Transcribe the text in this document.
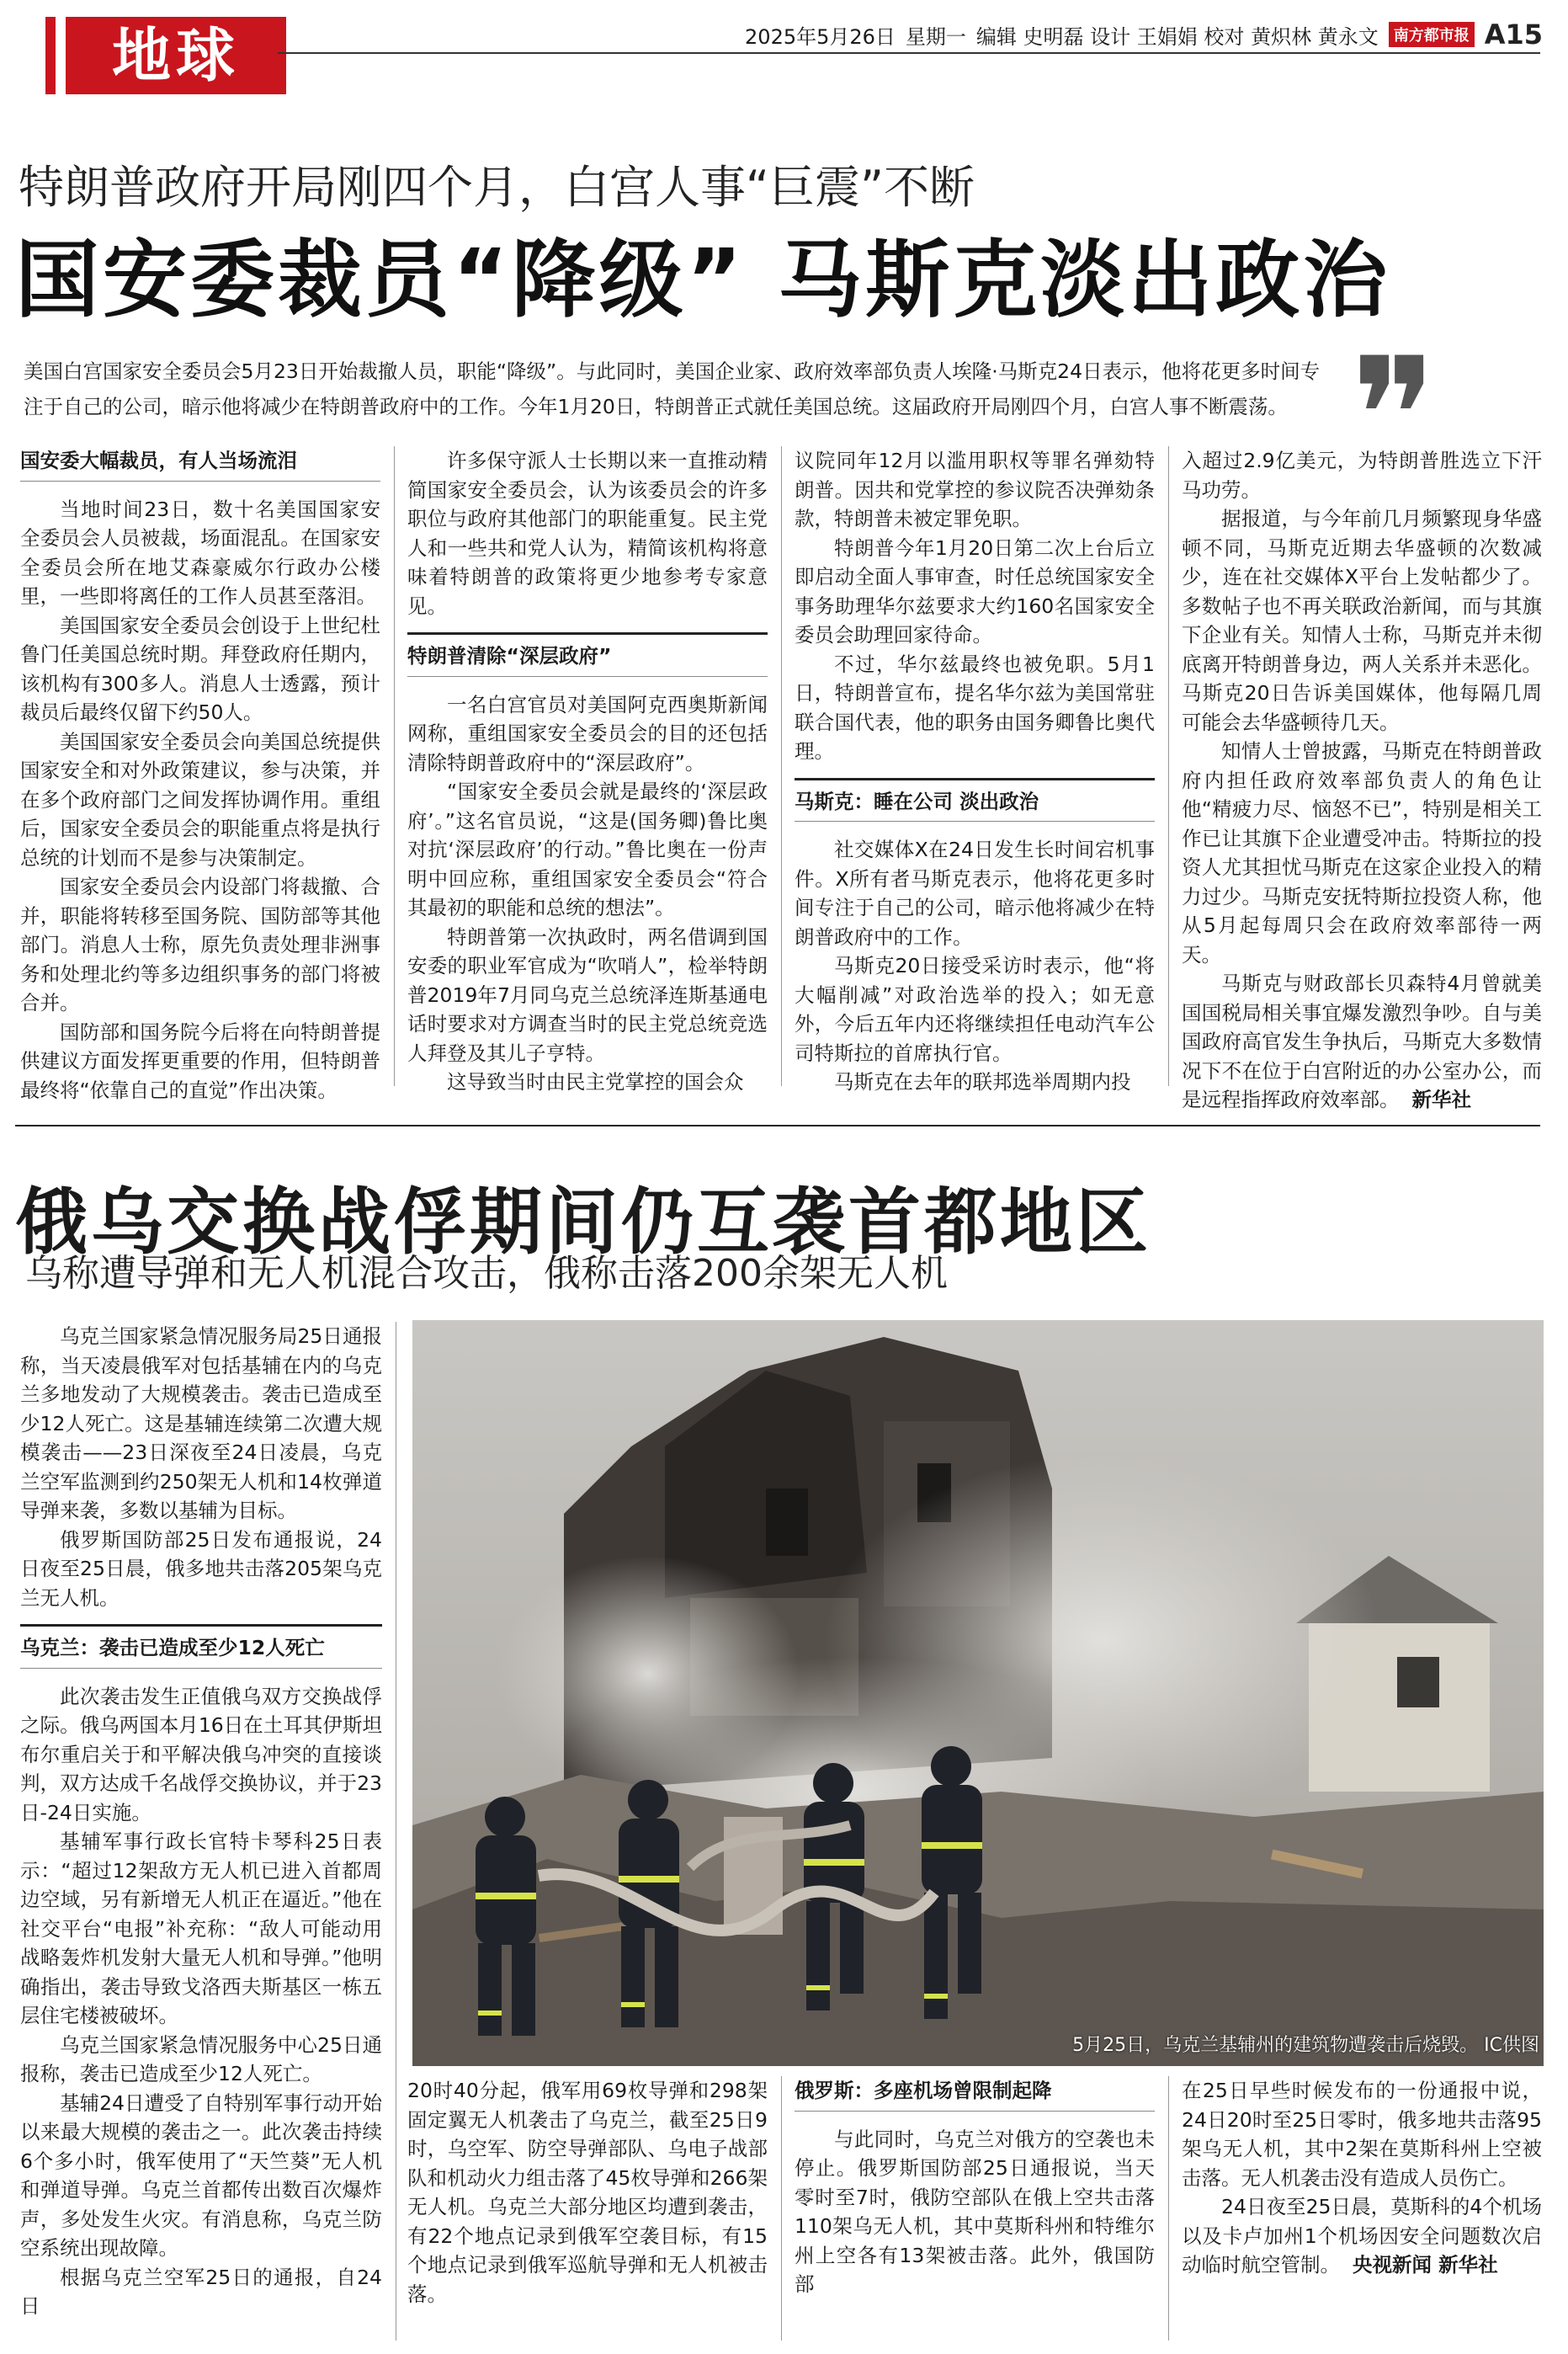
地球	2025年5月26日 星期一 编辑 史明磊 设计 王娟娟 校对 黄炽林 黄永文	南方都市报 A15
特朗普政府开局刚四个月，白宫人事“巨震”不断
国安委裁员“降级” 马斯克淡出政治
美国白宫国家安全委员会5月23日开始裁撤人员，职能“降级”。与此同时，美国企业家、政府效率部负责人埃隆·马斯克24日表示，他将花更多时间专注于自己的公司，暗示他将减少在特朗普政府中的工作。今年1月20日，特朗普正式就任美国总统。这届政府开局刚四个月，白宫人事不断震荡。 ❞
国安委大幅裁员，有人当场流泪

当地时间23日，数十名美国国家安全委员会人员被裁，场面混乱。在国家安全委员会所在地艾森豪威尔行政办公楼里，一些即将离任的工作人员甚至落泪。

美国国家安全委员会创设于上世纪杜鲁门任美国总统时期。拜登政府任期内，该机构有300多人。消息人士透露，预计裁员后最终仅留下约50人。

美国国家安全委员会向美国总统提供国家安全和对外政策建议，参与决策，并在多个政府部门之间发挥协调作用。重组后，国家安全委员会的职能重点将是执行总统的计划而不是参与决策制定。

国家安全委员会内设部门将裁撤、合并，职能将转移至国务院、国防部等其他部门。消息人士称，原先负责处理非洲事务和处理北约等多边组织事务的部门将被合并。

国防部和国务院今后将在向特朗普提供建议方面发挥更重要的作用，但特朗普最终将“依靠自己的直觉”作出决策。

许多保守派人士长期以来一直推动精简国家安全委员会，认为该委员会的许多职位与政府其他部门的职能重复。民主党人和一些共和党人认为，精简该机构将意味着特朗普的政策将更少地参考专家意见。

特朗普清除“深层政府”

一名白宫官员对美国阿克西奥斯新闻网称，重组国家安全委员会的目的还包括清除特朗普政府中的“深层政府”。

“国家安全委员会就是最终的‘深层政府’。”这名官员说，“这是(国务卿)鲁比奥对抗‘深层政府’的行动。”鲁比奥在一份声明中回应称，重组国家安全委员会“符合其最初的职能和总统的想法”。

特朗普第一次执政时，两名借调到国安委的职业军官成为“吹哨人”，检举特朗普2019年7月同乌克兰总统泽连斯基通电话时要求对方调查当时的民主党总统竞选人拜登及其儿子亨特。

这导致当时由民主党掌控的国会众

议院同年12月以滥用职权等罪名弹劾特朗普。因共和党掌控的参议院否决弹劾条款，特朗普未被定罪免职。

特朗普今年1月20日第二次上台后立即启动全面人事审查，时任总统国家安全事务助理华尔兹要求大约160名国家安全委员会助理回家待命。

不过，华尔兹最终也被免职。5月1日，特朗普宣布，提名华尔兹为美国常驻联合国代表，他的职务由国务卿鲁比奥代理。

马斯克：睡在公司 淡出政治

社交媒体X在24日发生长时间宕机事件。X所有者马斯克表示，他将花更多时间专注于自己的公司，暗示他将减少在特朗普政府中的工作。

马斯克20日接受采访时表示，他“将大幅削减”对政治选举的投入；如无意外，今后五年内还将继续担任电动汽车公司特斯拉的首席执行官。

马斯克在去年的联邦选举周期内投

入超过2.9亿美元，为特朗普胜选立下汗马功劳。

据报道，与今年前几月频繁现身华盛顿不同，马斯克近期去华盛顿的次数减少，连在社交媒体X平台上发帖都少了。多数帖子也不再关联政治新闻，而与其旗下企业有关。知情人士称，马斯克并未彻底离开特朗普身边，两人关系并未恶化。马斯克20日告诉美国媒体，他每隔几周可能会去华盛顿待几天。

知情人士曾披露，马斯克在特朗普政府内担任政府效率部负责人的角色让他“精疲力尽、恼怒不已”，特别是相关工作已让其旗下企业遭受冲击。特斯拉的投资人尤其担忧马斯克在这家企业投入的精力过少。马斯克安抚特斯拉投资人称，他从5月起每周只会在政府效率部待一两天。

马斯克与财政部长贝森特4月曾就美国国税局相关事宜爆发激烈争吵。自与美国政府高官发生争执后，马斯克大多数情况下不在位于白宫附近的办公室办公，而是远程指挥政府效率部。 新华社

俄乌交换战俘期间仍互袭首都地区
乌称遭导弹和无人机混合攻击，俄称击落200余架无人机

乌克兰国家紧急情况服务局25日通报称，当天凌晨俄军对包括基辅在内的乌克兰多地发动了大规模袭击。袭击已造成至少12人死亡。这是基辅连续第二次遭大规模袭击——23日深夜至24日凌晨，乌克兰空军监测到约250架无人机和14枚弹道导弹来袭，多数以基辅为目标。

俄罗斯国防部25日发布通报说，24日夜至25日晨，俄多地共击落205架乌克兰无人机。

乌克兰：袭击已造成至少12人死亡

此次袭击发生正值俄乌双方交换战俘之际。俄乌两国本月16日在土耳其伊斯坦布尔重启关于和平解决俄乌冲突的直接谈判，双方达成千名战俘交换协议，并于23日-24日实施。

基辅军事行政长官特卡琴科25日表示：“超过12架敌方无人机已进入首都周边空域，另有新增无人机正在逼近。”他在社交平台“电报”补充称：“敌人可能动用战略轰炸机发射大量无人机和导弹。”他明确指出，袭击导致戈洛西夫斯基区一栋五层住宅楼被破坏。

乌克兰国家紧急情况服务中心25日通报称，袭击已造成至少12人死亡。

基辅24日遭受了自特别军事行动开始以来最大规模的袭击之一。此次袭击持续6个多小时，俄军使用了“天竺葵”无人机和弹道导弹。乌克兰首都传出数百次爆炸声，多处发生火灾。有消息称，乌克兰防空系统出现故障。

根据乌克兰空军25日的通报，自24日

5月25日，乌克兰基辅州的建筑物遭袭击后烧毁。 IC供图

20时40分起，俄军用69枚导弹和298架固定翼无人机袭击了乌克兰，截至25日9时，乌空军、防空导弹部队、乌电子战部队和机动火力组击落了45枚导弹和266架无人机。乌克兰大部分地区均遭到袭击，有22个地点记录到俄军空袭目标，有15个地点记录到俄军巡航导弹和无人机被击落。

俄罗斯：多座机场曾限制起降

与此同时，乌克兰对俄方的空袭也未停止。俄罗斯国防部25日通报说，当天零时至7时，俄防空部队在俄上空共击落110架乌无人机，其中莫斯科州和特维尔州上空各有13架被击落。此外，俄国防部

在25日早些时候发布的一份通报中说，24日20时至25日零时，俄多地共击落95架乌无人机，其中2架在莫斯科州上空被击落。无人机袭击没有造成人员伤亡。

24日夜至25日晨，莫斯科的4个机场以及卡卢加州1个机场因安全问题数次启动临时航空管制。 央视新闻 新华社
